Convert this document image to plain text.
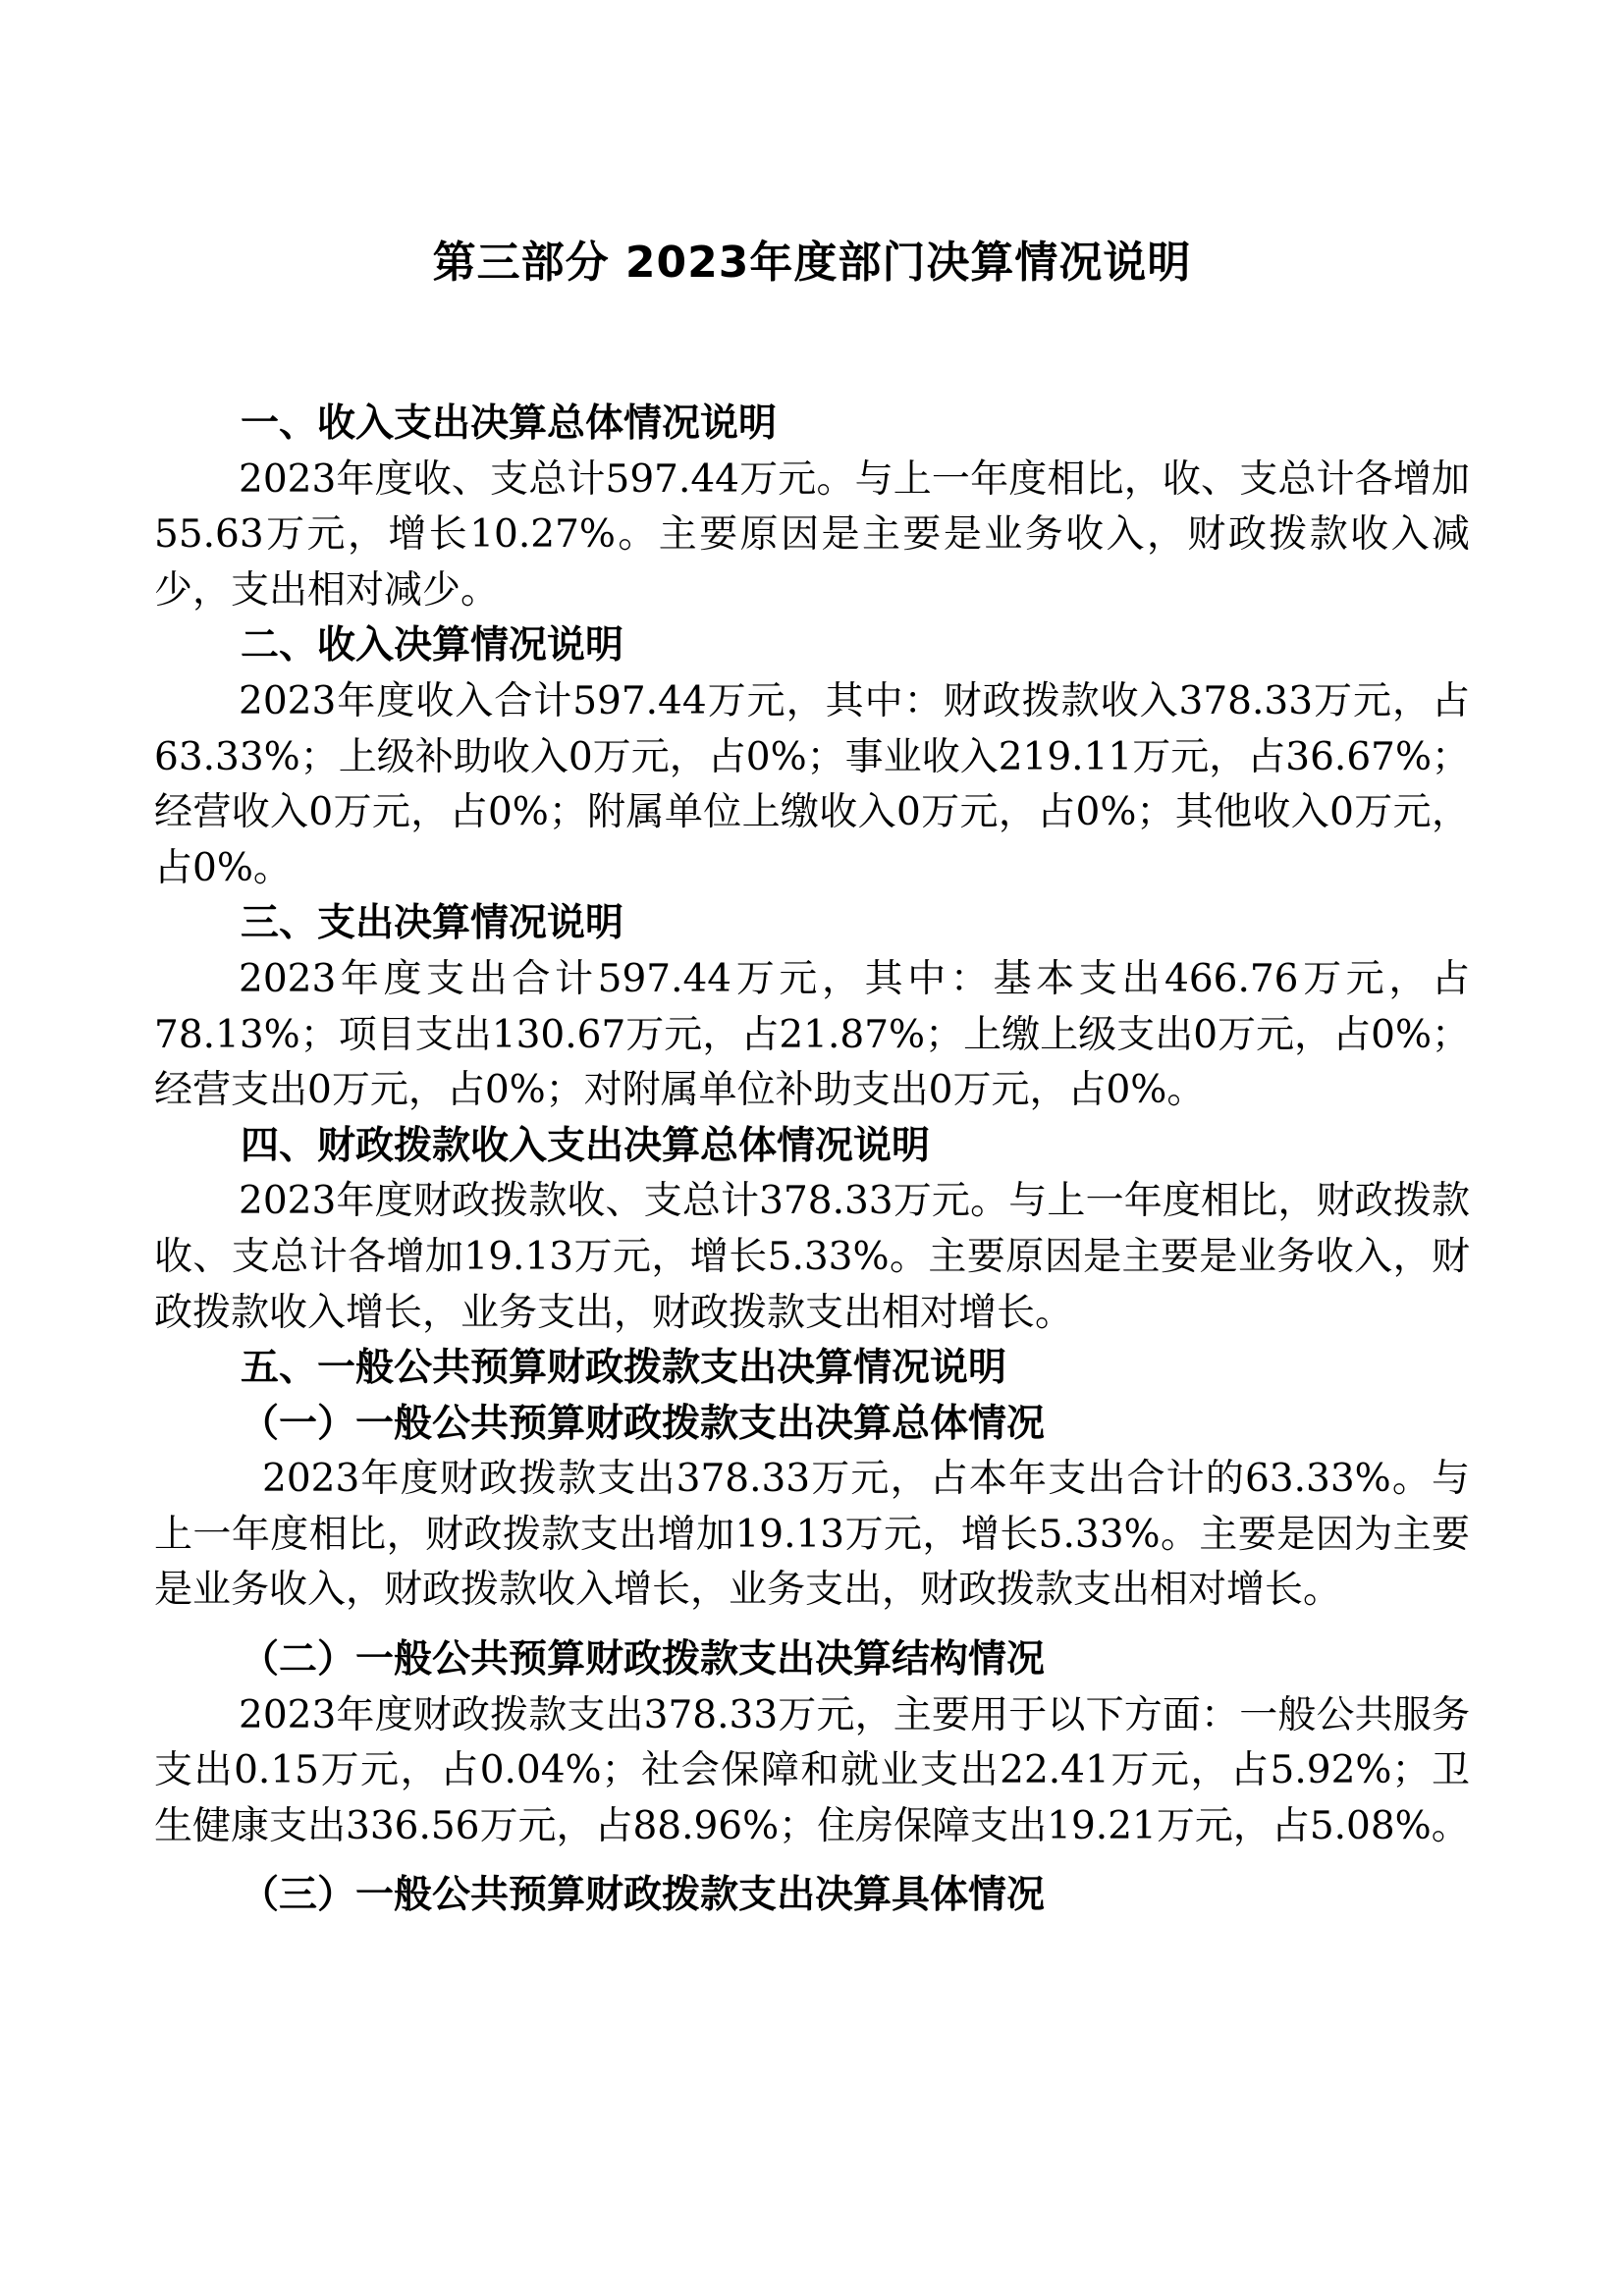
第三部分 2023年度部门决算情况说明

一、收入支出决算总体情况说明

2023年度收、支总计597.44万元。与上一年度相比，收、支总计各增加55.63万元，增长10.27%。主要原因是主要是业务收入，财政拨款收入减少，支出相对减少。

二、收入决算情况说明

2023年度收入合计597.44万元，其中：财政拨款收入378.33万元，占63.33%；上级补助收入0万元，占0%；事业收入219.11万元，占36.67%；经营收入0万元，占0%；附属单位上缴收入0万元，占0%；其他收入0万元，占0%。

三、支出决算情况说明

2023年度支出合计597.44万元，其中：基本支出466.76万元，占78.13%；项目支出130.67万元，占21.87%；上缴上级支出0万元，占0%；经营支出0万元，占0%；对附属单位补助支出0万元，占0%。

四、财政拨款收入支出决算总体情况说明

2023年度财政拨款收、支总计378.33万元。与上一年度相比，财政拨款收、支总计各增加19.13万元，增长5.33%。主要原因是主要是业务收入，财政拨款收入增长，业务支出，财政拨款支出相对增长。

五、一般公共预算财政拨款支出决算情况说明

（一）一般公共预算财政拨款支出决算总体情况

2023年度财政拨款支出378.33万元，占本年支出合计的63.33%。与上一年度相比，财政拨款支出增加19.13万元，增长5.33%。主要是因为主要是业务收入，财政拨款收入增长，业务支出，财政拨款支出相对增长。

（二）一般公共预算财政拨款支出决算结构情况

2023年度财政拨款支出378.33万元，主要用于以下方面：一般公共服务支出0.15万元，占0.04%；社会保障和就业支出22.41万元，占5.92%；卫生健康支出336.56万元，占88.96%；住房保障支出19.21万元，占5.08%。

（三）一般公共预算财政拨款支出决算具体情况
